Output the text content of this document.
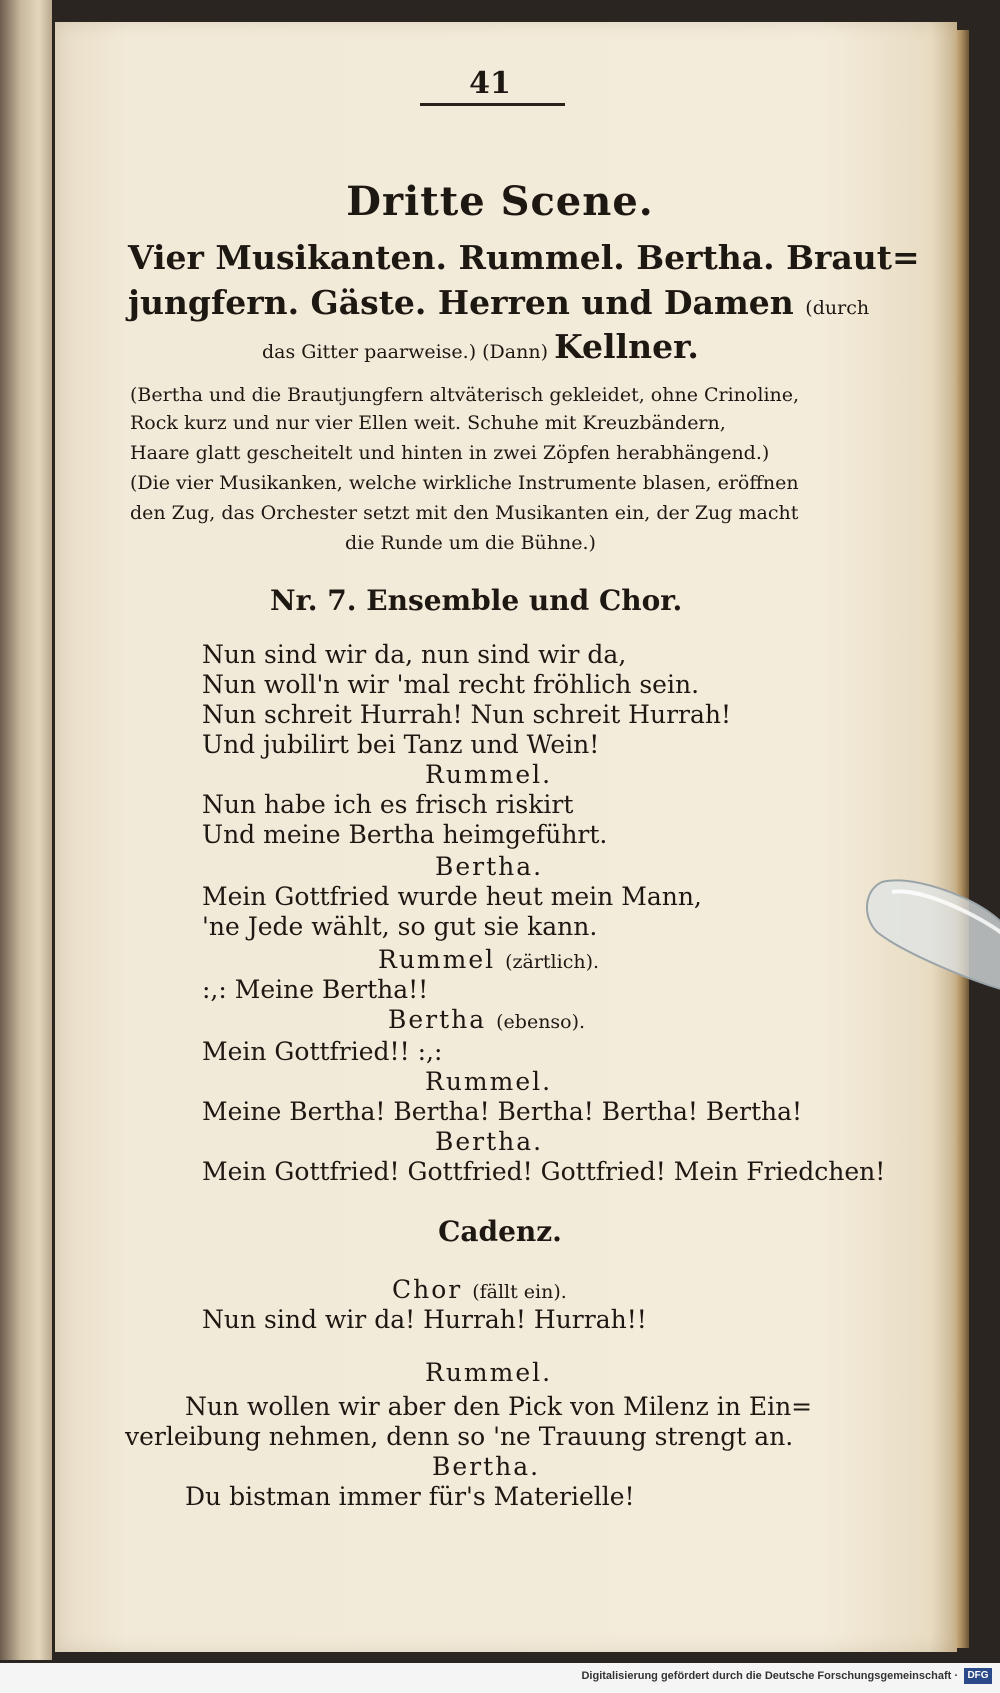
41
Dritte Scene.
Vier Musikanten. Rummel. Bertha. Braut=
jungfern. Gäste. Herren und Damen (durch
das Gitter paarweise.) (Dann) Kellner.
(Bertha und die Brautjungfern altväterisch gekleidet, ohne Crinoline,
Rock kurz und nur vier Ellen weit. Schuhe mit Kreuzbändern,
Haare glatt gescheitelt und hinten in zwei Zöpfen herabhängend.)
(Die vier Musikanken, welche wirkliche Instrumente blasen, eröffnen
den Zug, das Orchester setzt mit den Musikanten ein, der Zug macht
die Runde um die Bühne.)
Nr. 7. Ensemble und Chor.
Nun sind wir da, nun sind wir da,
Nun woll'n wir 'mal recht fröhlich sein.
Nun schreit Hurrah! Nun schreit Hurrah!
Und jubilirt bei Tanz und Wein!
Rummel.
Nun habe ich es frisch riskirt
Und meine Bertha heimgeführt.
Bertha.
Mein Gottfried wurde heut mein Mann,
'ne Jede wählt, so gut sie kann.
Rummel (zärtlich).
:,: Meine Bertha!!
Bertha (ebenso).
Mein Gottfried!! :,:
Rummel.
Meine Bertha! Bertha! Bertha! Bertha! Bertha!
Bertha.
Mein Gottfried! Gottfried! Gottfried! Mein Friedchen!
Cadenz.
Chor (fällt ein).
Nun sind wir da! Hurrah! Hurrah!!
Rummel.
Nun wollen wir aber den Pick von Milenz in Ein=
verleibung nehmen, denn so 'ne Trauung strengt an.
Bertha.
Du bistman immer für's Materielle!
Digitalisierung gefördert durch die Deutsche Forschungsgemeinschaft · DFG
